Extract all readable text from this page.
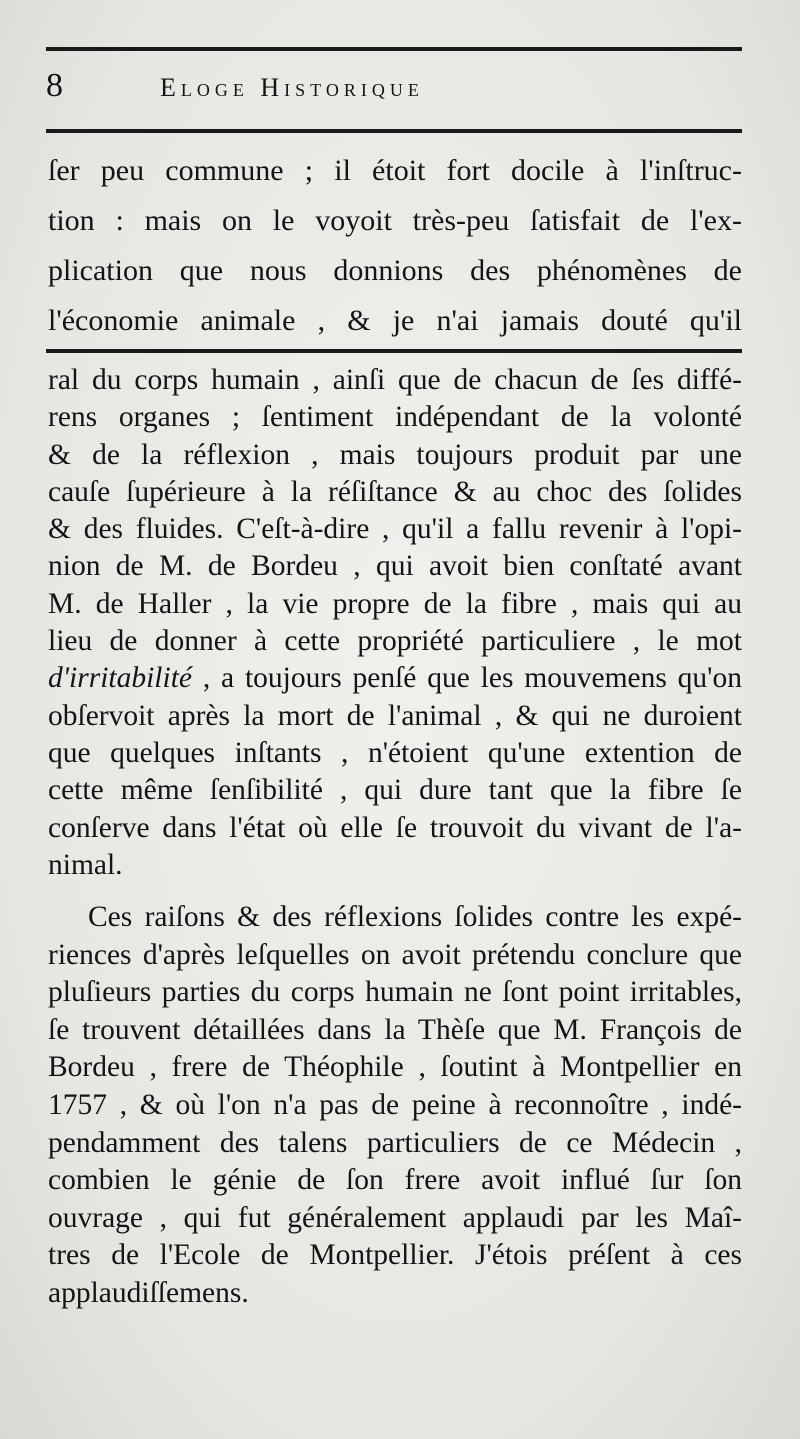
8	Eloge Historique
ſer peu commune ; il étoit fort docile à l'inſtruc-
tion : mais on le voyoit très-peu ſatisfait de l'ex-
plication que nous donnions des phénomènes de
l'économie animale , & je n'ai jamais douté qu'il
ral du corps humain , ainſi que de chacun de ſes diffé-
rens organes ; ſentiment indépendant de la volonté
& de la réflexion , mais toujours produit par une
cauſe ſupérieure à la réſiſtance & au choc des ſolides
& des fluides. C'eſt-à-dire , qu'il a fallu revenir à l'opi-
nion de M. de Bordeu , qui avoit bien conſtaté avant
M. de Haller , la vie propre de la fibre , mais qui au
lieu de donner à cette propriété particuliere , le mot
d'irritabilité , a toujours penſé que les mouvemens qu'on
obſervoit après la mort de l'animal , & qui ne duroient
que quelques inſtants , n'étoient qu'une extention de
cette même ſenſibilité , qui dure tant que la fibre ſe
conſerve dans l'état où elle ſe trouvoit du vivant de l'a-
nimal.
Ces raiſons & des réflexions ſolides contre les expé-
riences d'après leſquelles on avoit prétendu conclure que
pluſieurs parties du corps humain ne ſont point irritables,
ſe trouvent détaillées dans la Thèſe que M. François de
Bordeu , frere de Théophile , ſoutint à Montpellier en
1757 , & où l'on n'a pas de peine à reconnoître , indé-
pendamment des talens particuliers de ce Médecin ,
combien le génie de ſon frere avoit influé ſur ſon
ouvrage , qui fut généralement applaudi par les Maî-
tres de l'Ecole de Montpellier. J'étois préſent à ces
applaudiſſemens.
